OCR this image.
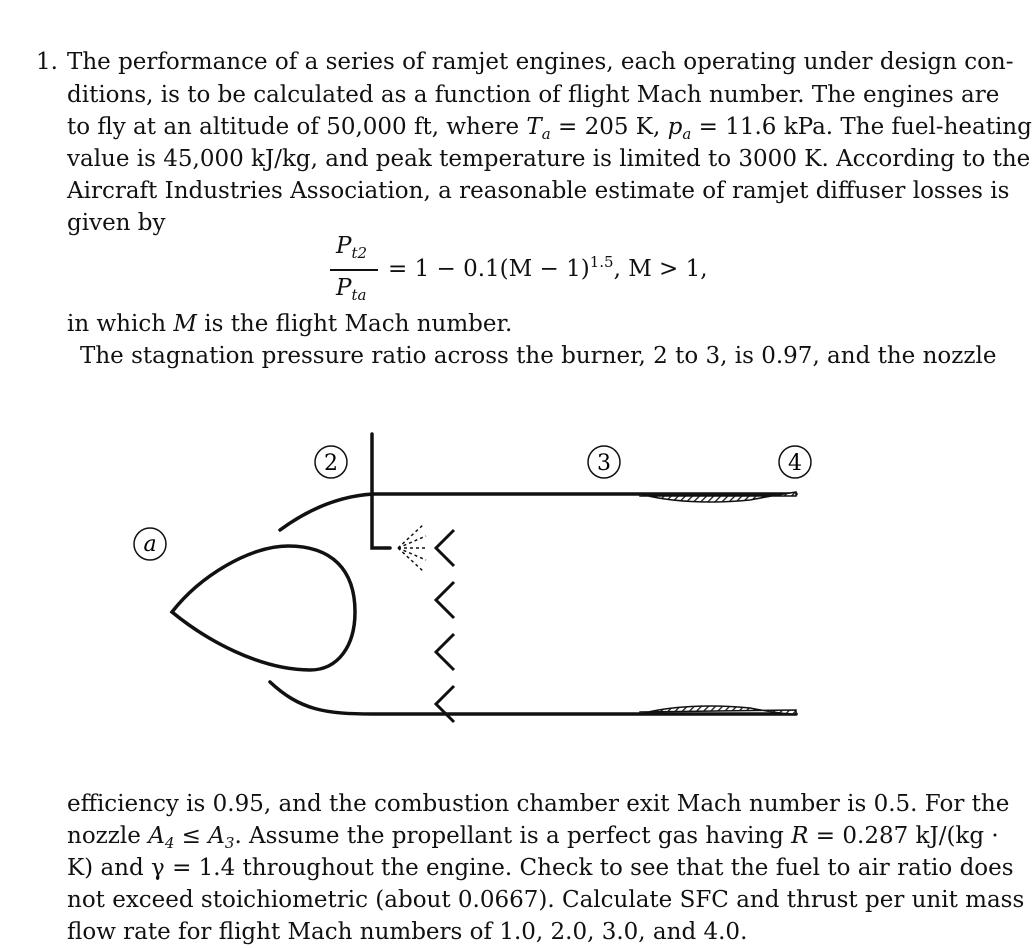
1. The performance of a series of ramjet engines, each operating under design con-
ditions, is to be calculated as a function of flight Mach number. The engines are
to fly at an altitude of 50,000 ft, where $T_a = 205$ K, $p_a = 11.6$ kPa. The fuel-heating
value is 45,000 kJ/kg, and peak temperature is limited to 3000 K. According to the
Aircraft Industries Association, a reasonable estimate of ramjet diffuser losses is
given by
$P_{t2}$
$P_{ta}$
= $1 - 0.1(M - 1)^{1.5}$, M > 1,
in which M is the flight Mach number.
The stagnation pressure ratio across the burner, 2 to 3, is 0.97, and the nozzle
a
2	3	4
efficiency is 0.95, and the combustion chamber exit Mach number is 0.5. For the
nozzle $A_4 \le A_3$. Assume the propellant is a perfect gas having R = 0.287 kJ/(kg ·
K) and γ = 1.4 throughout the engine. Check to see that the fuel to air ratio does
not exceed stoichiometric (about 0.0667). Calculate SFC and thrust per unit mass
flow rate for flight Mach numbers of 1.0, 2.0, 3.0, and 4.0.
